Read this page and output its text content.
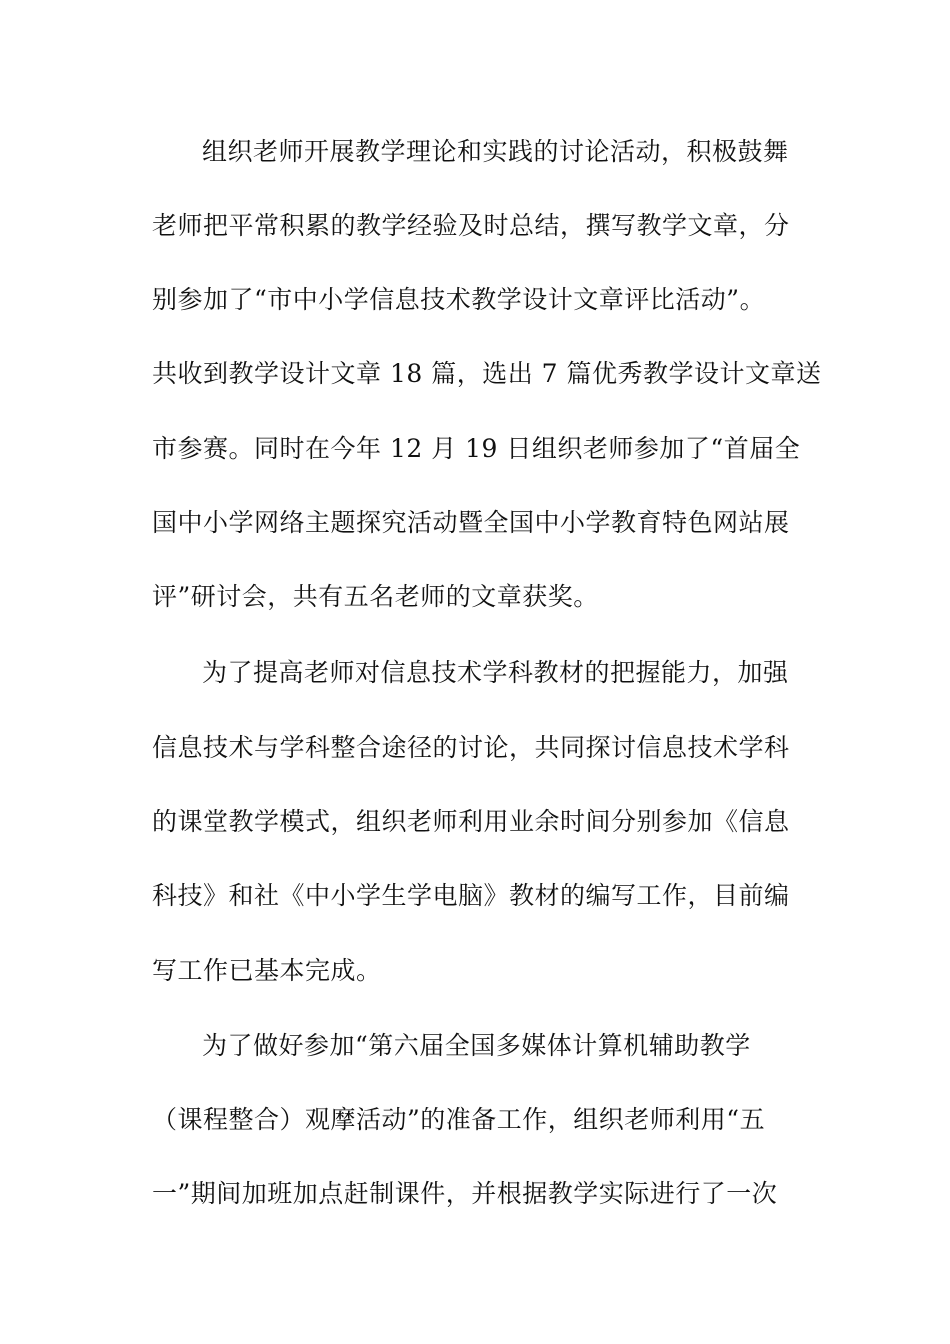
组织老师开展教学理论和实践的讨论活动，积极鼓舞
老师把平常积累的教学经验及时总结，撰写教学文章，分
别参加了“市中小学信息技术教学设计文章评比活动”。
共收到教学设计文章 18 篇，选出 7 篇优秀教学设计文章送
市参赛。同时在今年 12 月 19 日组织老师参加了“首届全
国中小学网络主题探究活动暨全国中小学教育特色网站展
评”研讨会，共有五名老师的文章获奖。
为了提高老师对信息技术学科教材的把握能力，加强
信息技术与学科整合途径的讨论，共同探讨信息技术学科
的课堂教学模式，组织老师利用业余时间分别参加《信息
科技》和社《中小学生学电脑》教材的编写工作，目前编
写工作已基本完成。
为了做好参加“第六届全国多媒体计算机辅助教学
（课程整合）观摩活动”的准备工作，组织老师利用“五
一”期间加班加点赶制课件，并根据教学实际进行了一次
